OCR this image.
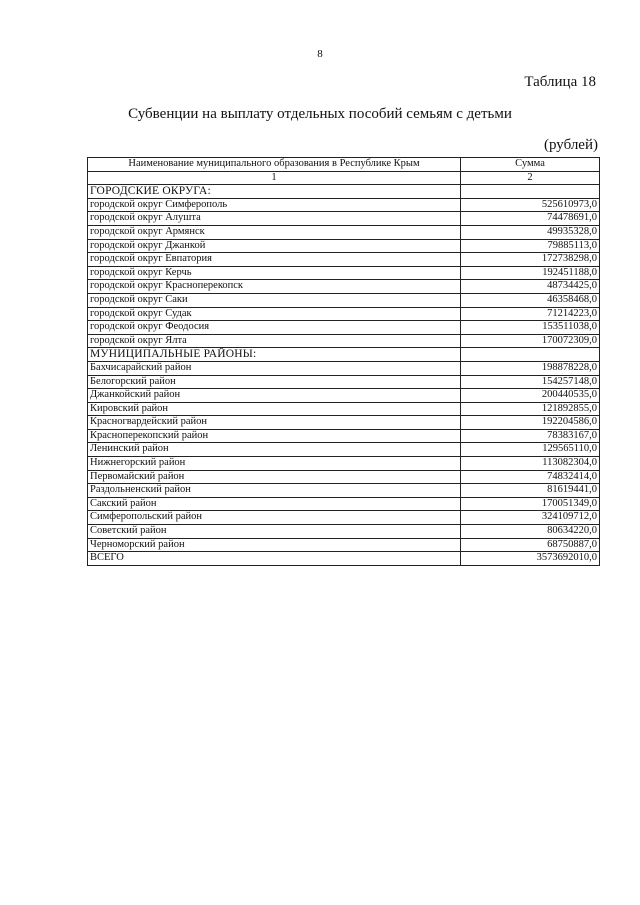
8
Таблица 18
Субвенции на выплату отдельных пособий семьям с детьми
(рублей)
Наименование муниципального образования в Республике Крым	Сумма
1	2
ГОРОДСКИЕ ОКРУГА:	
городской округ Симферополь	525610973,0
городской округ Алушта	74478691,0
городской округ Армянск	49935328,0
городской округ Джанкой	79885113,0
городской округ Евпатория	172738298,0
городской округ Керчь	192451188,0
городской округ Красноперекопск	48734425,0
городской округ Саки	46358468,0
городской округ Судак	71214223,0
городской округ Феодосия	153511038,0
городской округ Ялта	170072309,0
МУНИЦИПАЛЬНЫЕ РАЙОНЫ:	
Бахчисарайский район	198878228,0
Белогорский район	154257148,0
Джанкойский район	200440535,0
Кировский район	121892855,0
Красногвардейский район	192204586,0
Красноперекопский район	78383167,0
Ленинский район	129565110,0
Нижнегорский район	113082304,0
Первомайский район	74832414,0
Раздольненский район	81619441,0
Сакский район	170051349,0
Симферопольский район	324109712,0
Советский район	80634220,0
Черноморский район	68750887,0
ВСЕГО	3573692010,0
